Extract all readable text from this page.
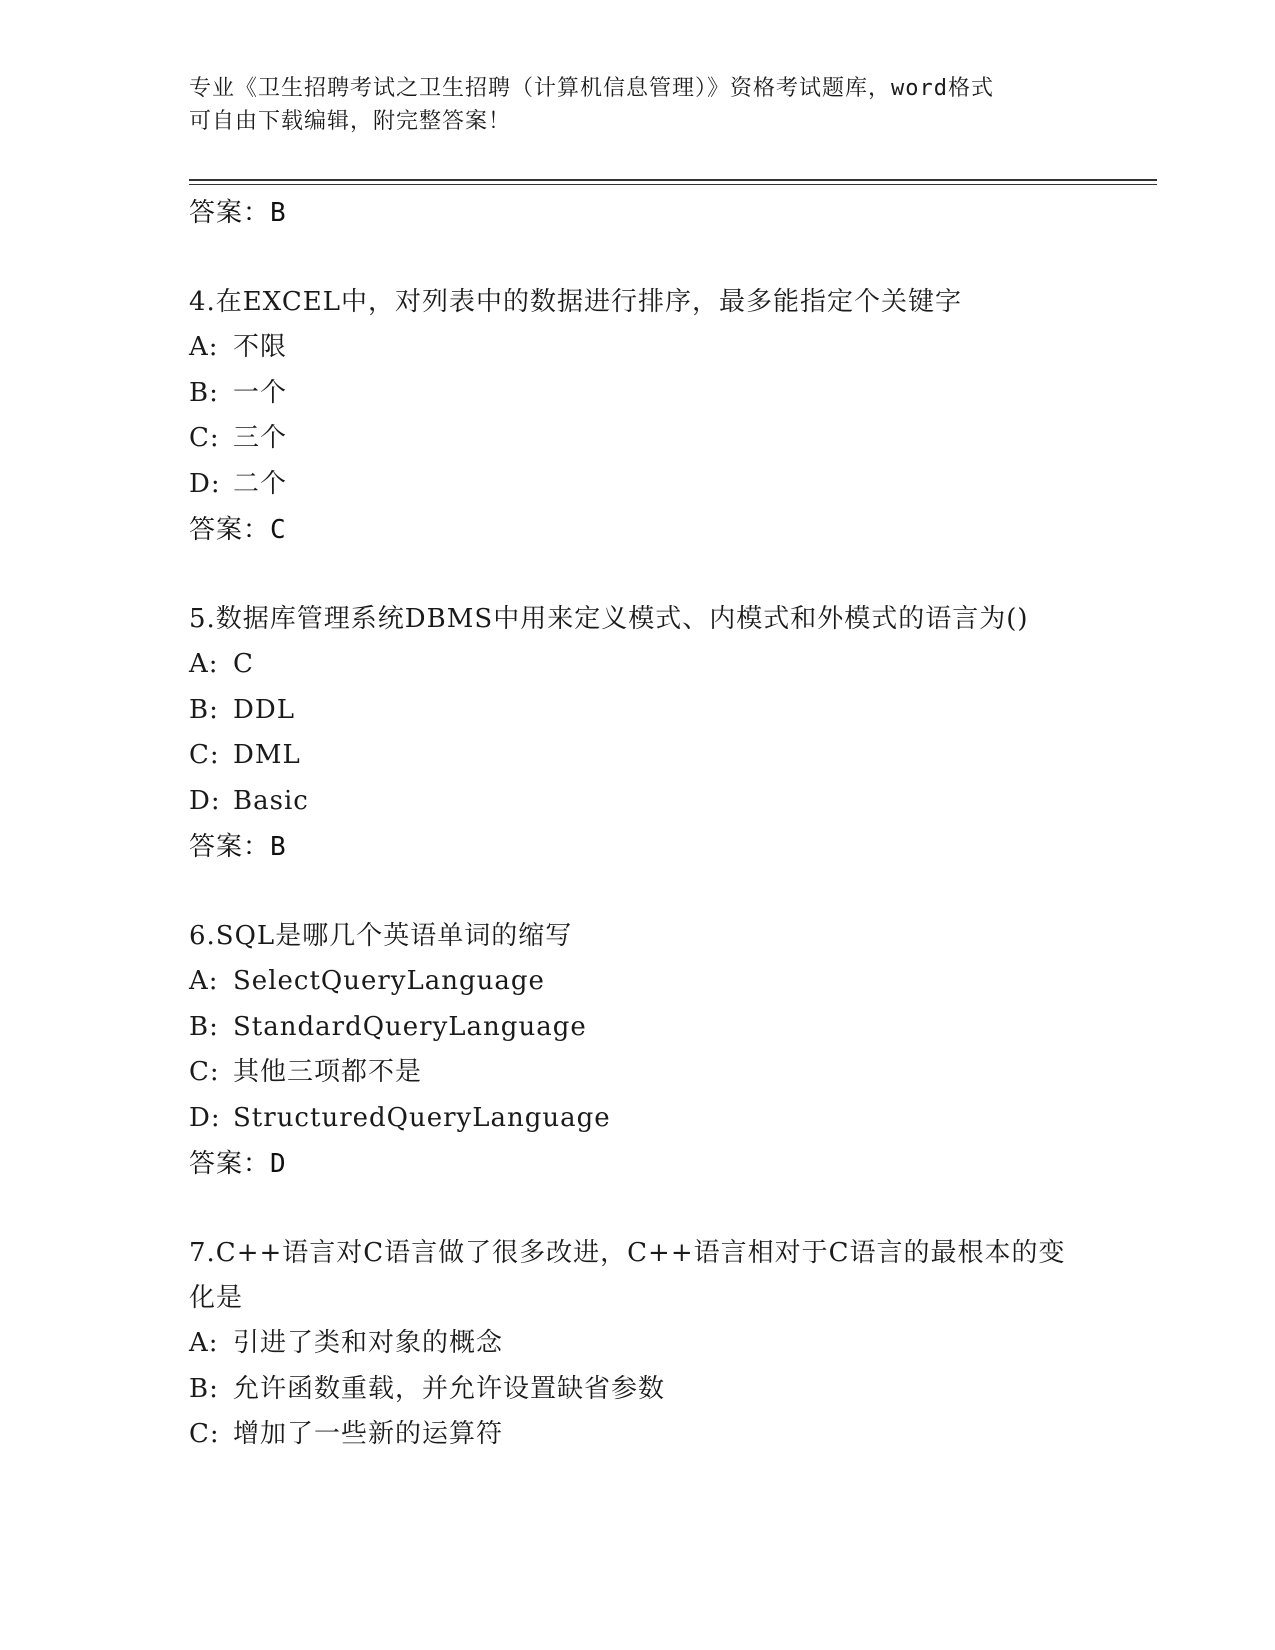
专业《卫生招聘考试之卫生招聘（计算机信息管理）》资格考试题库，word格式
可自由下载编辑，附完整答案！
答案：B
4.在EXCEL中，对列表中的数据进行排序，最多能指定个关键字
A: 不限
B: 一个
C: 三个
D: 二个
答案：C
5.数据库管理系统DBMS中用来定义模式、内模式和外模式的语言为()
A: C
B: DDL
C: DML
D: Basic
答案：B
6.SQL是哪几个英语单词的缩写
A: SelectQueryLanguage
B: StandardQueryLanguage
C: 其他三项都不是
D: StructuredQueryLanguage
答案：D
7.C++语言对C语言做了很多改进，C++语言相对于C语言的最根本的变化是
A: 引进了类和对象的概念
B: 允许函数重载，并允许设置缺省参数
C: 增加了一些新的运算符
